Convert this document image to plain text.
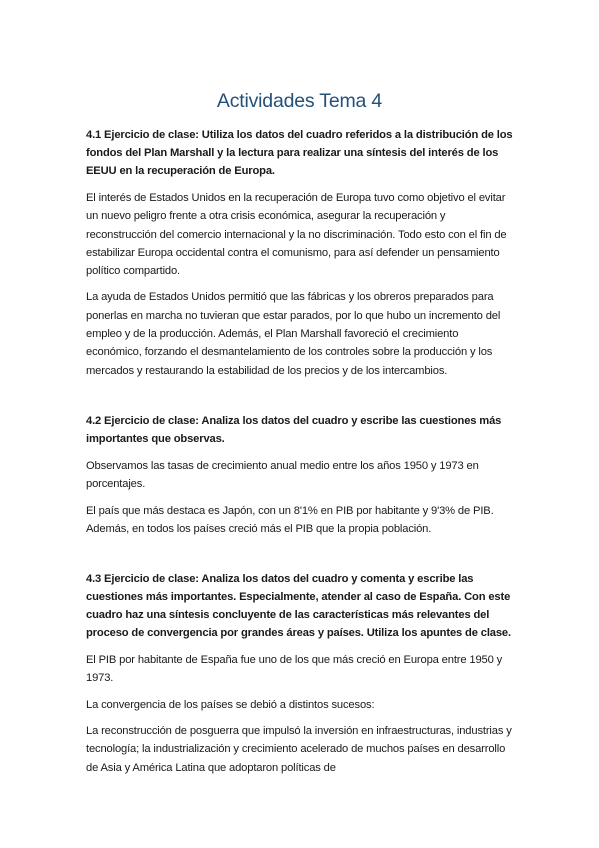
Actividades Tema 4

4.1 Ejercicio de clase: Utiliza los datos del cuadro referidos a la distribución de los fondos del Plan Marshall y la lectura para realizar una síntesis del interés de los EEUU en la recuperación de Europa.

El interés de Estados Unidos en la recuperación de Europa tuvo como objetivo el evitar un nuevo peligro frente a otra crisis económica, asegurar la recuperación y reconstrucción del comercio internacional y la no discriminación. Todo esto con el fin de estabilizar Europa occidental contra el comunismo, para así defender un pensamiento político compartido.

La ayuda de Estados Unidos permitió que las fábricas y los obreros preparados para ponerlas en marcha no tuvieran que estar parados, por lo que hubo un incremento del empleo y de la producción. Además, el Plan Marshall favoreció el crecimiento económico, forzando el desmantelamiento de los controles sobre la producción y los mercados y restaurando la estabilidad de los precios y de los intercambios.

4.2 Ejercicio de clase: Analiza los datos del cuadro y escribe las cuestiones más importantes que observas.

Observamos las tasas de crecimiento anual medio entre los años 1950 y 1973 en porcentajes.

El país que más destaca es Japón, con un 8'1% en PIB por habitante y 9'3% de PIB. Además, en todos los países creció más el PIB que la propia población.

4.3 Ejercicio de clase: Analiza los datos del cuadro y comenta y escribe las cuestiones más importantes. Especialmente, atender al caso de España. Con este cuadro haz una síntesis concluyente de las características más relevantes del proceso de convergencia por grandes áreas y países. Utiliza los apuntes de clase.

El PIB por habitante de España fue uno de los que más creció en Europa entre 1950 y 1973.

La convergencia de los países se debió a distintos sucesos:

La reconstrucción de posguerra que impulsó la inversión en infraestructuras, industrias y tecnología; la industrialización y crecimiento acelerado de muchos países en desarrollo de Asia y América Latina que adoptaron políticas de
